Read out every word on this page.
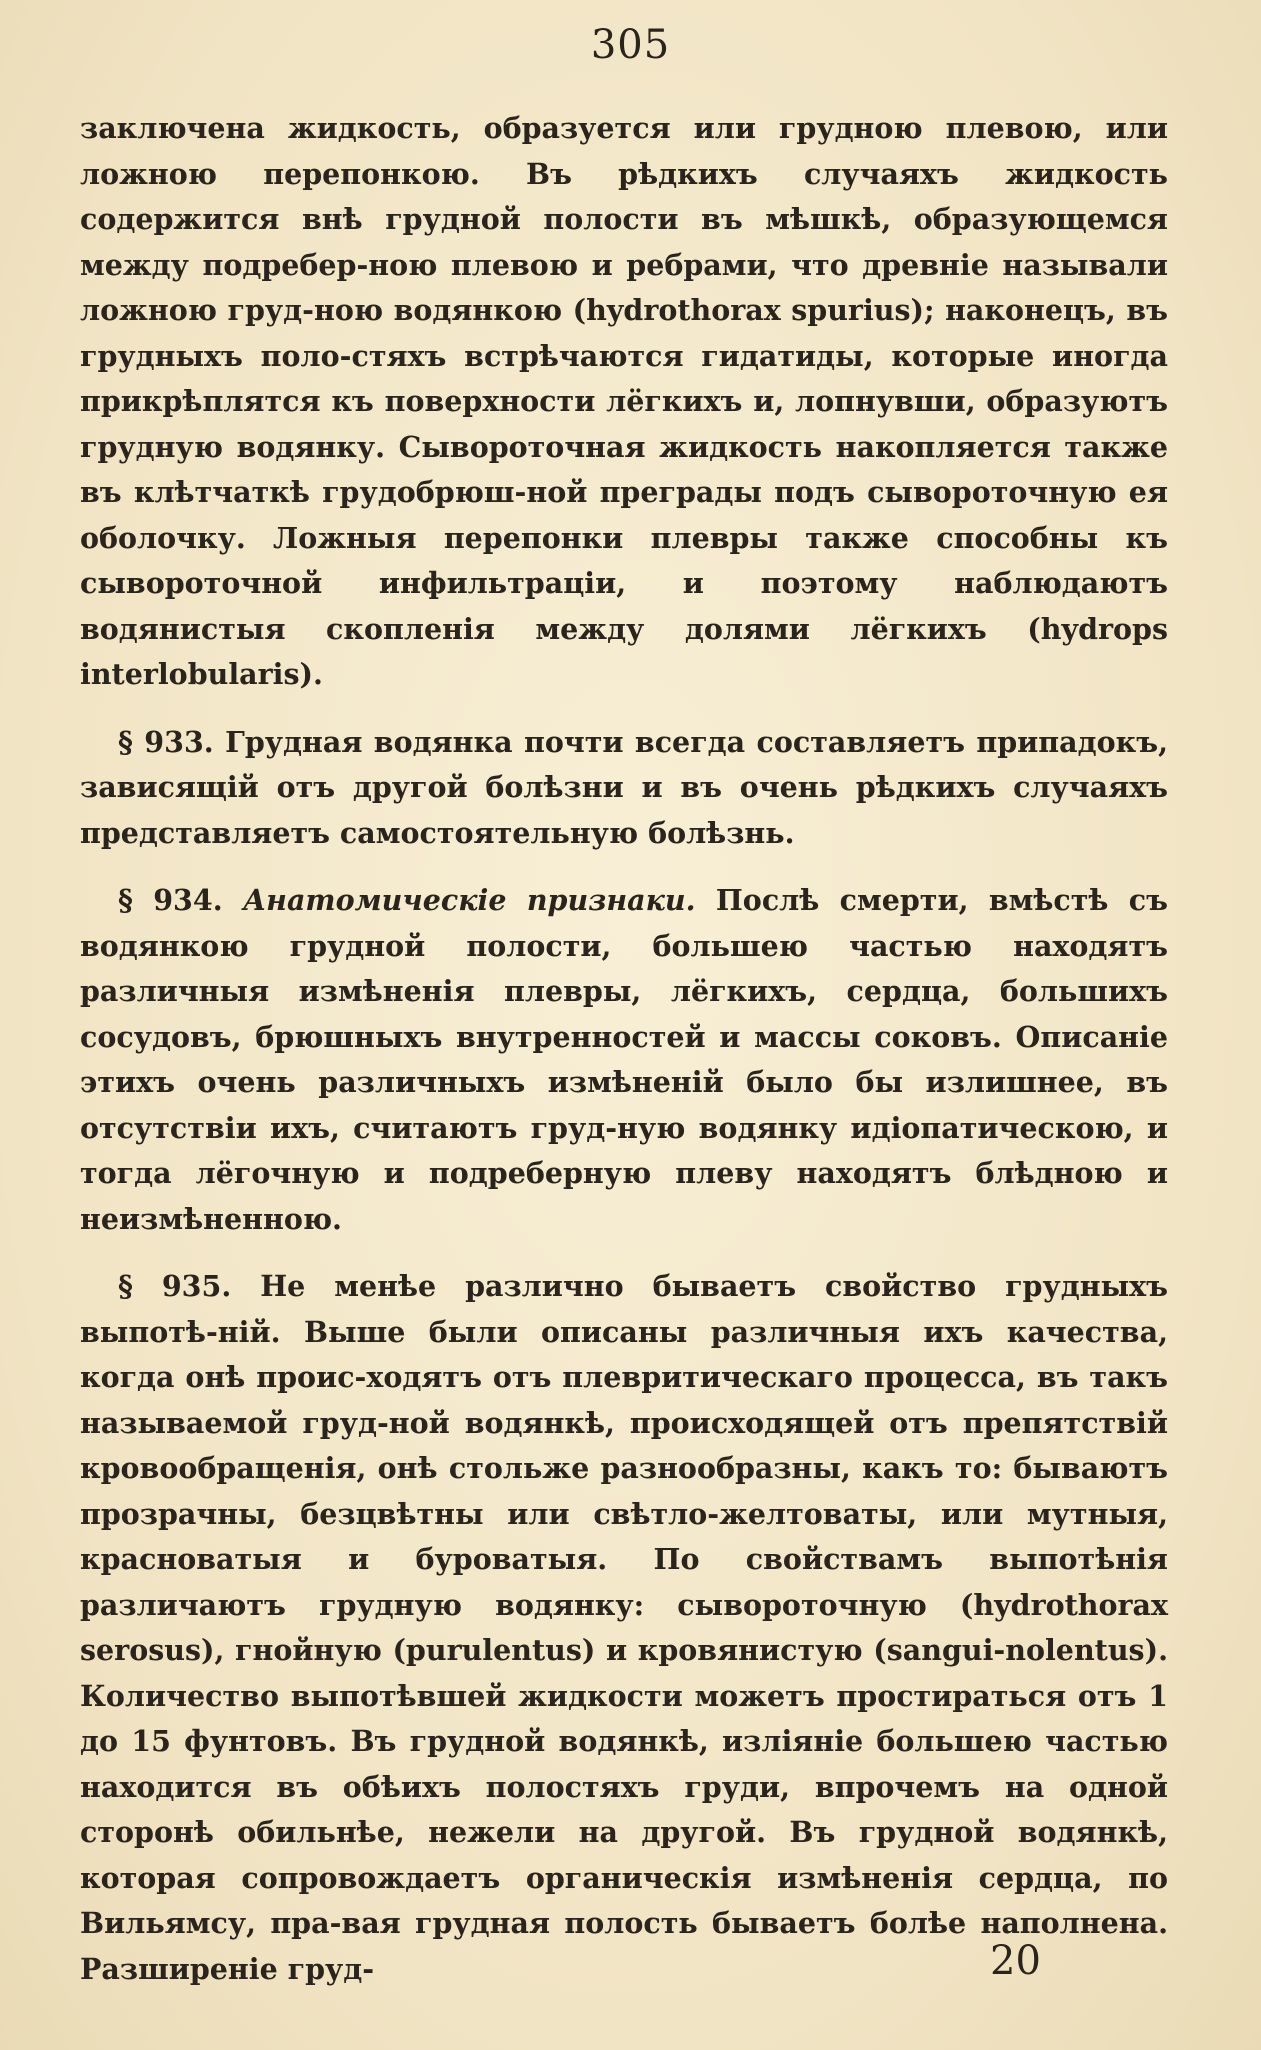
305

заключена жидкость, образуется или грудною плевою, или ложною перепонкою. Въ рѣдкихъ случаяхъ жидкость содержится внѣ грудной полости въ мѣшкѣ, образующемся между подребер-ною плевою и ребрами, что древніе называли ложною груд-ною водянкою (hydrothorax spurius); наконецъ, въ грудныхъ поло-стяхъ встрѣчаются гидатиды, которые иногда прикрѣплятся къ поверхности лёгкихъ и, лопнувши, образуютъ грудную водянку. Сывороточная жидкость накопляется также въ клѣтчаткѣ грудобрюш-ной преграды подъ сывороточную ея оболочку. Ложныя перепонки плевры также способны къ сывороточной инфильтраціи, и поэтому наблюдаютъ водянистыя скопленія между долями лёгкихъ (hydrops interlobularis).

§ 933. Грудная водянка почти всегда составляетъ припадокъ, зависящій отъ другой болѣзни и въ очень рѣдкихъ случаяхъ представляетъ самостоятельную болѣзнь.

§ 934. Анатомическіе признаки. Послѣ смерти, вмѣстѣ съ водянкою грудной полости, большею частью находятъ различныя измѣненія плевры, лёгкихъ, сердца, большихъ сосудовъ, брюшныхъ внутренностей и массы соковъ. Описаніе этихъ очень различныхъ измѣненій было бы излишнее, въ отсутствіи ихъ, считаютъ груд-ную водянку идіопатическою, и тогда лёгочную и подреберную плеву находятъ блѣдною и неизмѣненною.

§ 935. Не менѣе различно бываетъ свойство грудныхъ выпотѣ-ній. Выше были описаны различныя ихъ качества, когда онѣ проис-ходятъ отъ плевритическаго процесса, въ такъ называемой груд-ной водянкѣ, происходящей отъ препятствій кровообращенія, онѣ стольже разнообразны, какъ то: бываютъ прозрачны, безцвѣтны или свѣтло-желтоваты, или мутныя, красноватыя и буроватыя. По свойствамъ выпотѣнія различаютъ грудную водянку: сывороточную (hydrothorax serosus), гнойную (purulentus) и кровянистую (sangui-nolentus). Количество выпотѣвшей жидкости можетъ простираться отъ 1 до 15 фунтовъ. Въ грудной водянкѣ, изліяніе большею частью находится въ обѣихъ полостяхъ груди, впрочемъ на одной сторонѣ обильнѣе, нежели на другой. Въ грудной водянкѣ, которая сопровождаетъ органическія измѣненія сердца, по Вильямсу, пра-вая грудная полость бываетъ болѣе наполнена. Разширеніе груд-	20
